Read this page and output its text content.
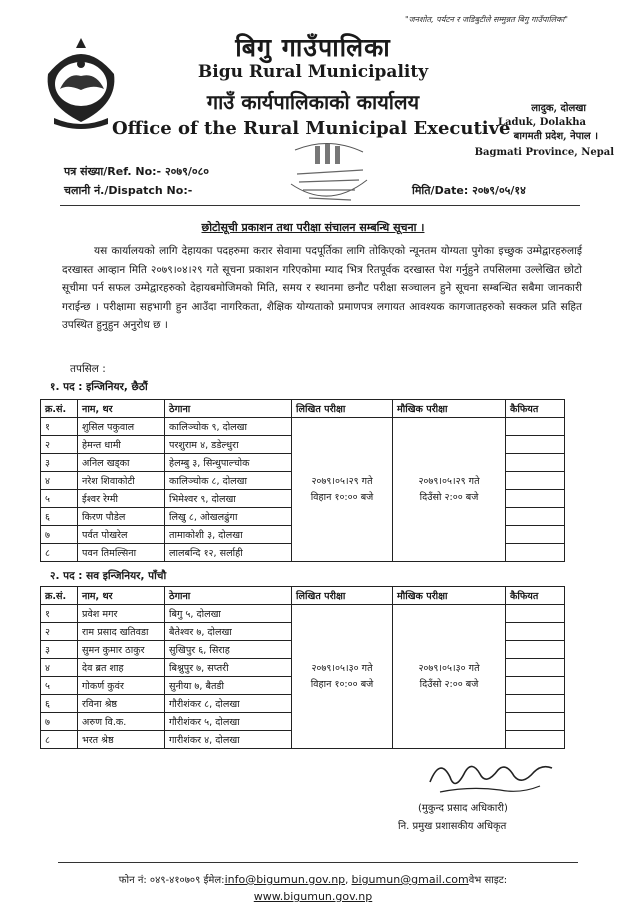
"जनशोत, पर्यटन र जडिबुटीले सम्मुन्नत बिगु गाउँपालिका"
बिगु गाउँपालिका
Bigu Rural Municipality
गाउँ कार्यपालिकाको कार्यालय
Office of the Rural Municipal Executive
लादुक, दोलखा
Laduk, Dolakha
बागमती प्रदेश, नेपाल ।
Bagmati Province, Nepal
पत्र संख्या/Ref. No:- २०७९/०८०
चलानी नं./Dispatch No:-	मिति/Date: २०७९/०५/१४
छोटोसूची प्रकाशन तथा परीक्षा संचालन सम्बन्धि सूचना ।
यस कार्यालयको लागि देहायका पदहरुमा करार सेवामा पदपूर्तिका लागि तोकिएको न्यूनतम योग्यता पुगेका इच्छुक उम्मेद्वारहरुलाई दरखास्त आव्हान मिति २०७९।०४।२९ गते सूचना प्रकाशन गरिएकोमा म्याद भित्र रितपूर्वक दरखास्त पेश गर्नुहुने तपसिलमा उल्लेखित छोटो सूचीमा पर्न सफल उम्मेद्वारहरुको देहायबमोजिमको मिति, समय र स्थानमा छनौट परीक्षा सञ्चालन हुने सूचना सम्बन्धित सबैमा जानकारी गराईन्छ । परीक्षामा सहभागी हुन आउँदा नागरिकता, शैक्षिक योग्यताको प्रमाणपत्र लगायत आवश्यक कागजातहरुको सक्कल प्रति सहित उपस्थित हुनुहुन अनुरोध छ ।
तपसिल :
१. पद : इन्जिनियर, छैठौं
क्र.सं.	नाम, थर	ठेगाना	लिखित परीक्षा	मौखिक परीक्षा	कैफियत
१	शुसिल पकुवाल	कालिञ्चोक ९, दोलखा	२०७९।०५।२९ गते
विहान १०:०० बजे	२०७९।०५।२९ गते
दिउँसो २:०० बजे	
२	हेमन्त धामी	परशुराम ४, डडेल्धुरा			
३	अनिल खड्का	हेलम्बु ३, सिन्धुपाल्चोक			
४	नरेश शिवाकोटी	कालिञ्चोक ८, दोलखा			
५	ईश्वर रेग्मी	भिमेश्वर ९, दोलखा			
६	किरण पौडेल	लिखु ८, ओखलढुंगा			
७	पर्वत पोखरेल	तामाकोशी ३, दोलखा			
८	पवन तिमल्सिना	लालबन्दि १२, सर्लाही			
२. पद : सव इन्जिनियर, पाँचौ
क्र.सं.	नाम, थर	ठेगाना	लिखित परीक्षा	मौखिक परीक्षा	कैफियत
१	प्रवेश मगर	बिगु ५, दोलखा	२०७९।०५।३० गते
विहान १०:०० बजे	२०७९।०५।३० गते
दिउँसो २:०० बजे	
२	राम प्रसाद खतिवडा	बैतेश्वर ७, दोलखा			
३	सुमन कुमार ठाकुर	सुखिपुर ६, सिराह			
४	देव ब्रत शाह	बिश्नुपुर ७, सप्तरी			
५	गोकर्ण कुवंर	सुनीया ७, बैतडी			
६	रविना श्रेष्ठ	गौरीशंकर ८, दोलखा			
७	अरुण वि.क.	गौरीशंकर ५, दोलखा			
८	भरत श्रेष्ठ	गारीशंकर ४, दोलखा			
(मुकुन्द प्रसाद अधिकारी)
नि. प्रमुख प्रशासकीय अधिकृत
फोन नं: ०४९-४१०७०९ ईमेल:info@bigumun.gov.np, bigumun@gmail.comवेभ साइट:
www.bigumun.gov.np
